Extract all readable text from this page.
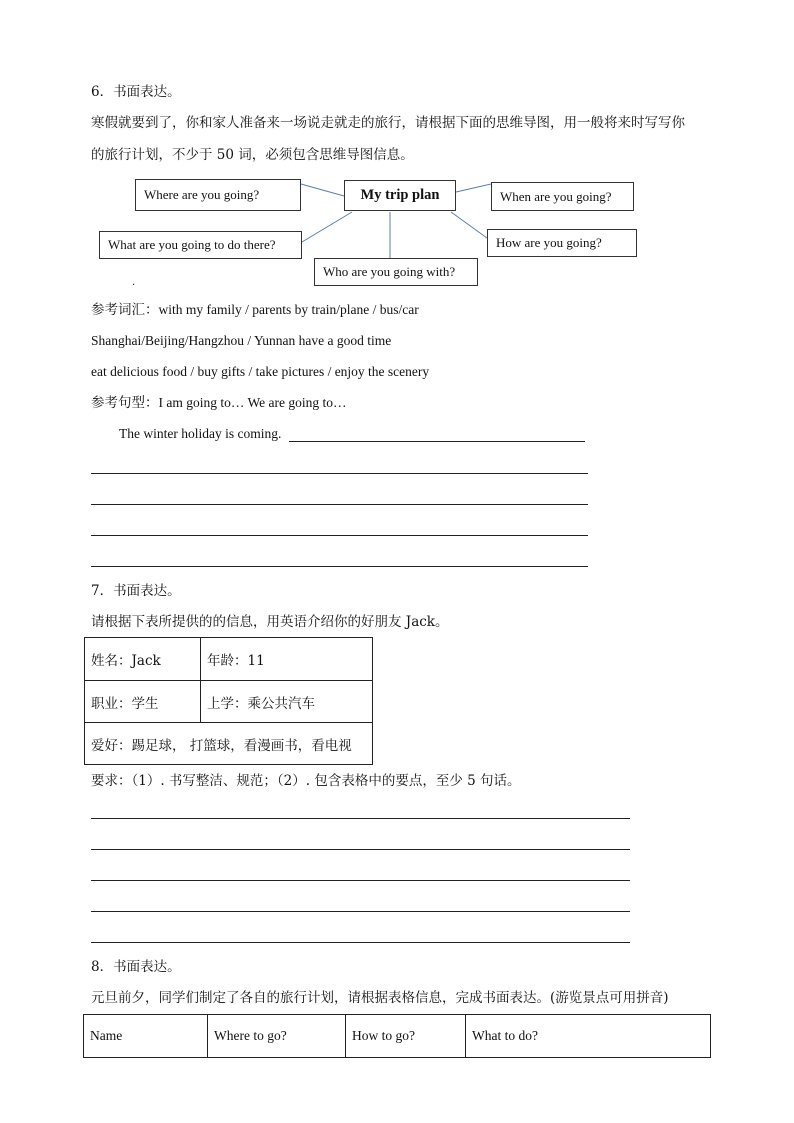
6．书面表达。
寒假就要到了，你和家人准备来一场说走就走的旅行，请根据下面的思维导图，用一般将来时写写你
的旅行计划，不少于 50 词，必须包含思维导图信息。
My trip plan
Where are you going?	When are you going?
What are you going to do there?	How are you going?
Who are you going with?
.
参考词汇：with my family / parents by train/plane / bus/car
Shanghai/Beijing/Hangzhou / Yunnan have a good time
eat delicious food / buy gifts / take pictures / enjoy the scenery
参考句型：I am going to… We are going to…
The winter holiday is coming.
7．书面表达。
请根据下表所提供的的信息，用英语介绍你的好朋友 Jack。
姓名：Jack	年龄：11
职业：学生	上学：乘公共汽车
爱好：踢足球， 打篮球，看漫画书，看电视	
要求：（1）. 书写整洁、规范；（2）. 包含表格中的要点，至少 5 句话。
8．书面表达。
元旦前夕，同学们制定了各自的旅行计划，请根据表格信息，完成书面表达。(游览景点可用拼音)
Name	Where to go?	How to go?	What to do?
